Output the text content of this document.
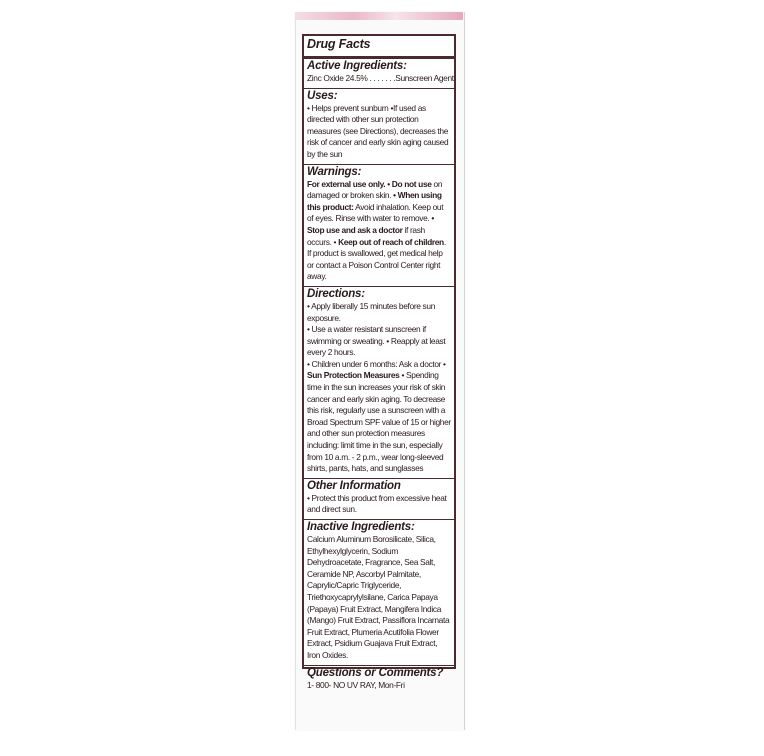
Drug Facts
Active Ingredients:
Zinc Oxide 24.5% . . . . . . . Sunscreen Agent
Uses:
• Helps prevent sunburn •If used as directed with other sun protection measures (see Directions), decreases the risk of cancer and early skin aging caused by the sun
Warnings:
For external use only. • Do not use on damaged or broken skin. • When using this product: Avoid inhalation. Keep out of eyes. Rinse with water to remove. • Stop use and ask a doctor if rash occurs. • Keep out of reach of children. If product is swallowed, get medical help or contact a Poison Control Center right away.
Directions:
• Apply liberally 15 minutes before sun exposure.
• Use a water resistant sunscreen if swimming or sweating. • Reapply at least every 2 hours.
• Children under 6 months: Ask a doctor • Sun Protection Measures • Spending time in the sun increases your risk of skin cancer and early skin aging. To decrease this risk, regularly use a sunscreen with a Broad Spectrum SPF value of 15 or higher and other sun protection measures including: limit time in the sun, especially from 10 a.m. - 2 p.m., wear long-sleeved shirts, pants, hats, and sunglasses
Other Information
• Protect this product from excessive heat and direct sun.
Inactive Ingredients:
Calcium Aluminum Borosilicate, Silica, Ethylhexylglycerin, Sodium Dehydroacetate, Fragrance, Sea Salt, Ceramide NP, Ascorbyl Palmitate, Caprylic/Capric Triglyceride, Triethoxycaprylylsilane, Carica Papaya (Papaya) Fruit Extract, Mangifera Indica (Mango) Fruit Extract, Passiflora Incarnata Fruit Extract, Plumeria Acutifolia Flower Extract, Psidium Guajava Fruit Extract, Iron Oxides.
Questions or Comments?
1- 800- NO UV RAY, Mon-Fri
